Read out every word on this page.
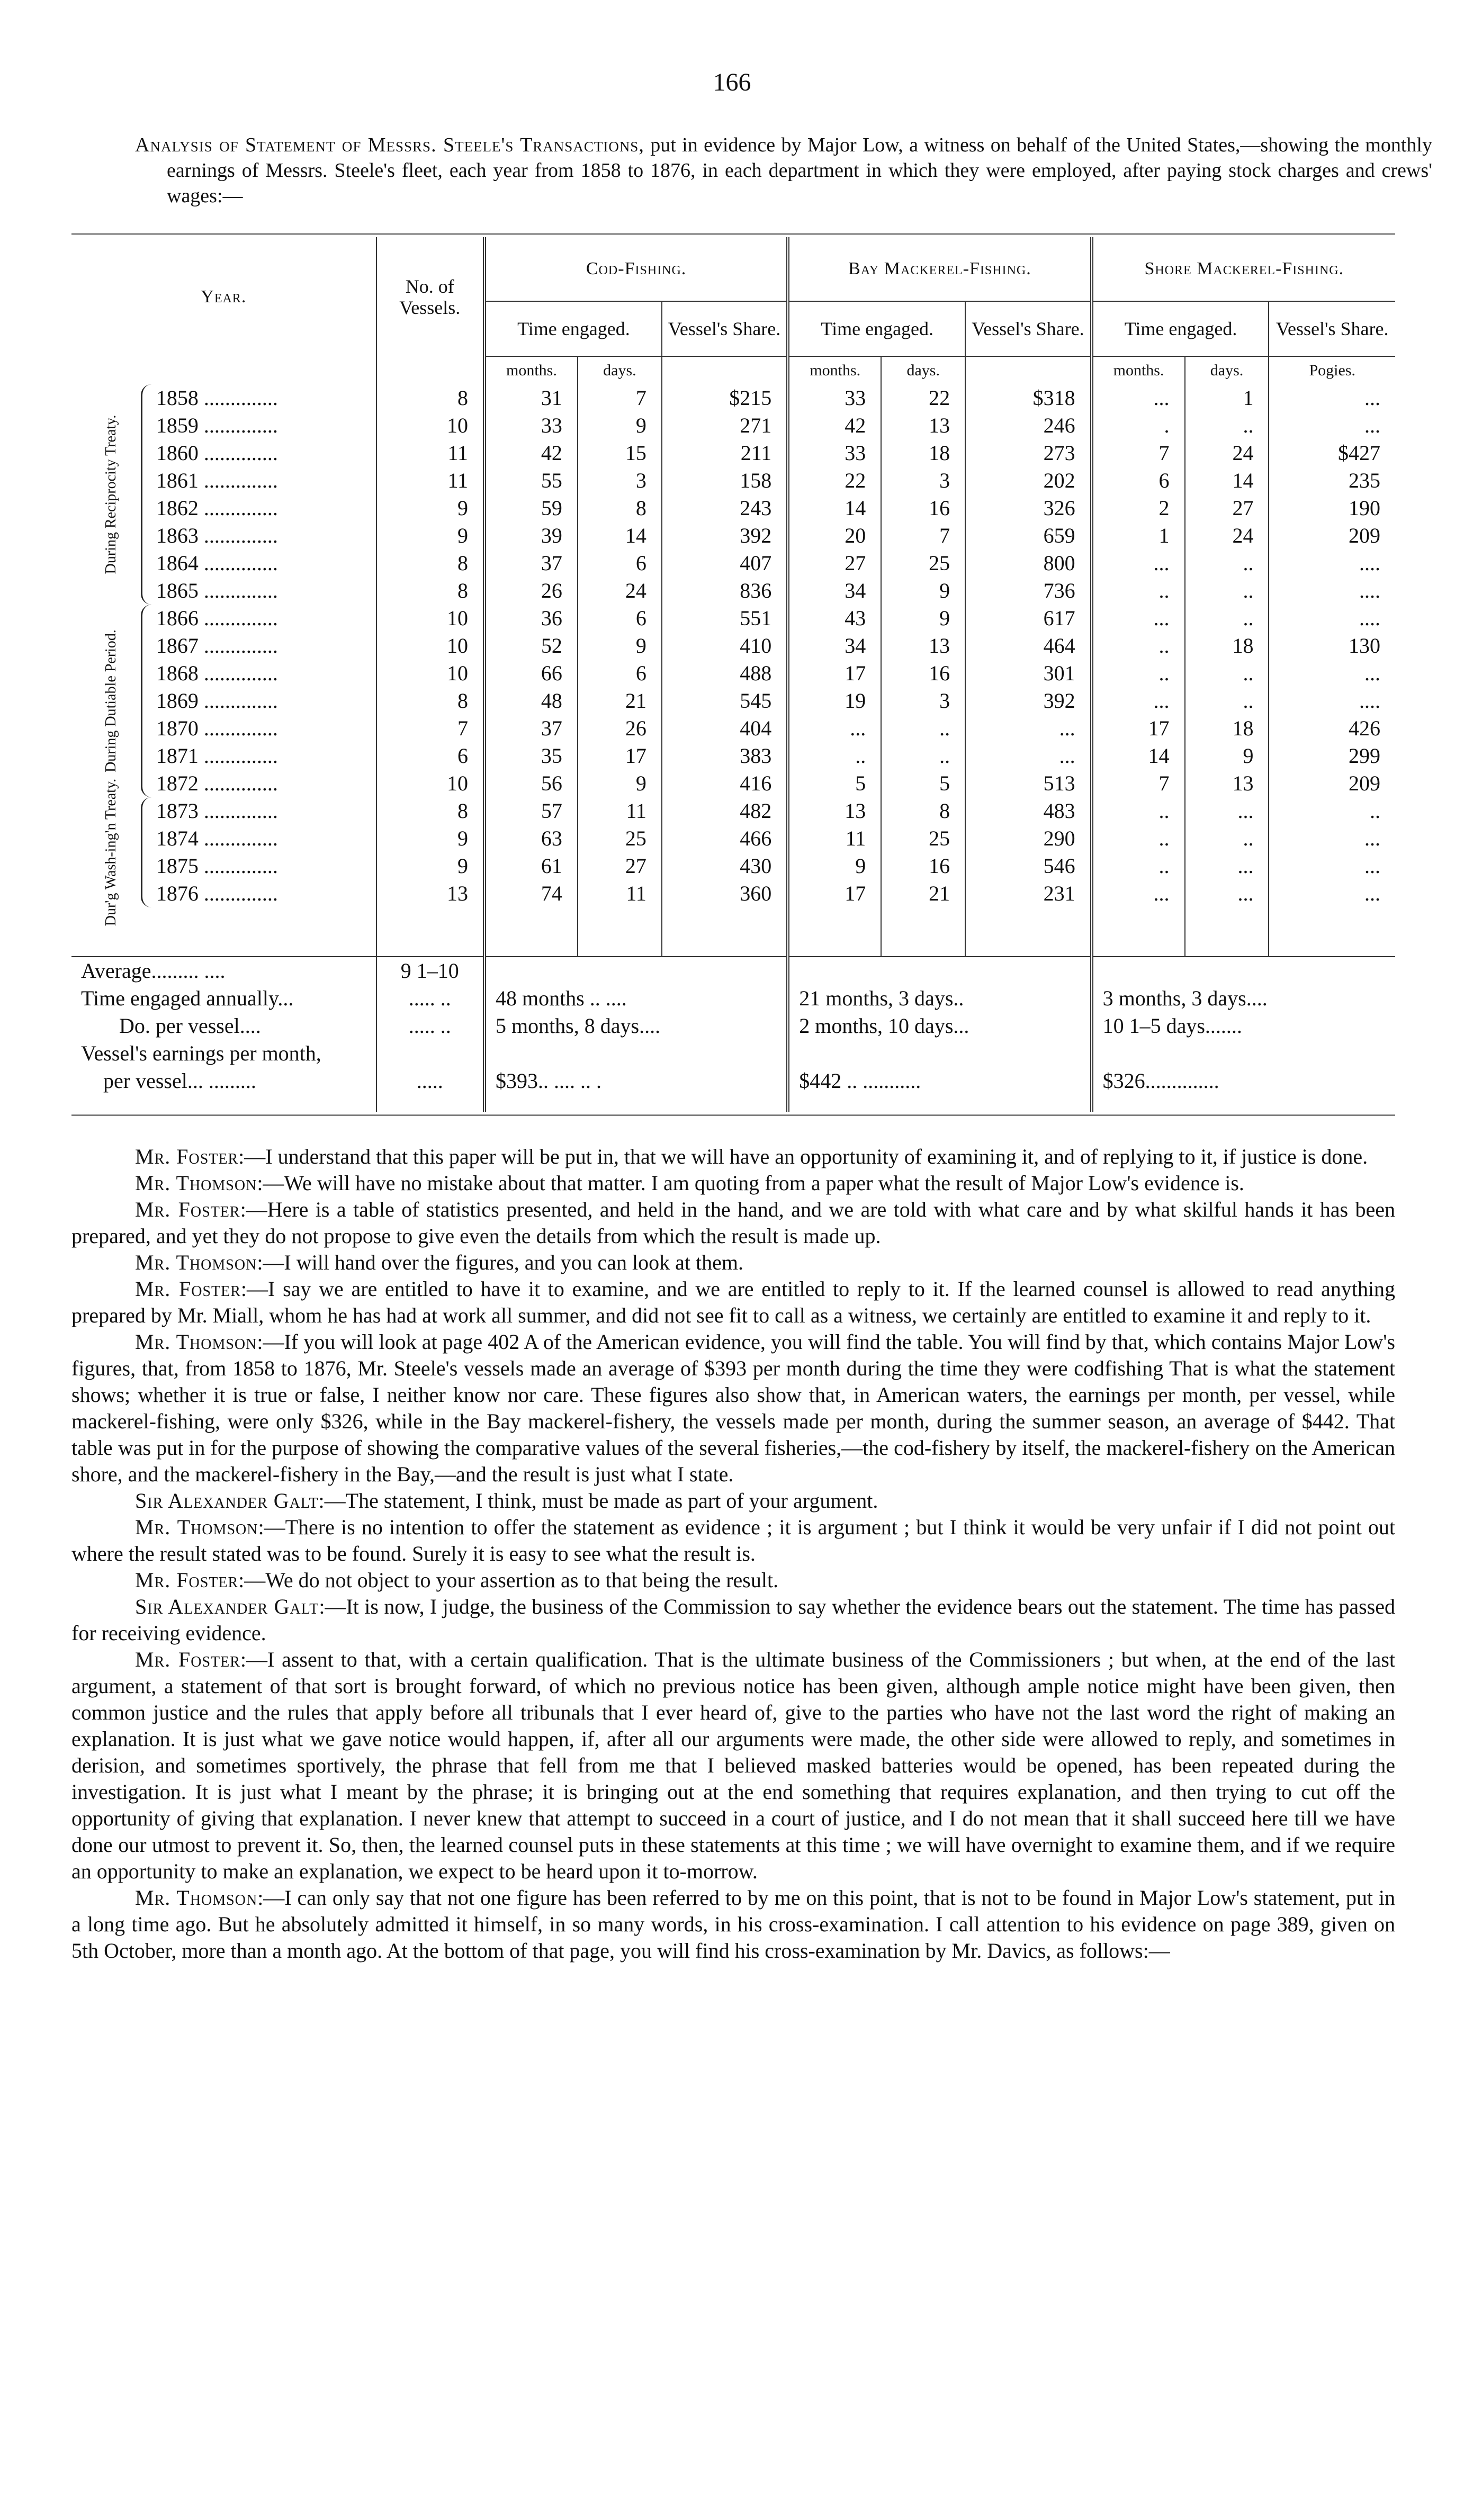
166
Analysis of Statement of Messrs. Steele's Transactions, put in evidence by Major Low, a witness on behalf of the United States,—showing the monthly earnings of Messrs. Steele's fleet, each year from 1858 to 1876, in each department in which they were employed, after paying stock charges and crews' wages:—
Year.		No. of Vessels.	Cod-Fishing.			Bay Mackerel-Fishing.			Shore Mackerel-Fishing.		
			Time engaged.		Vessel's Share.	Time engaged.		Vessel's Share.	Time engaged.		Vessel's Share.
			months.	days.		months.	days.		months.	days.	Pogies.

During Reciprocity Treaty.	1858 ..............	8	31	7	$215	33	22	$318	...	1	...
	1859 ..............	10	33	9	271	42	13	246	.	..	...
	1860 ..............	11	42	15	211	33	18	273	7	24	$427
	1861 ..............	11	55	3	158	22	3	202	6	14	235
	1862 ..............	9	59	8	243	14	16	326	2	27	190
	1863 ..............	9	39	14	392	20	7	659	1	24	209
	1864 ..............	8	37	6	407	27	25	800	...	..	....
	1865 ..............	8	26	24	836	34	9	736	..	..	....

During Dutiable Period.	1866 ..............	10	36	6	551	43	9	617	...	..	....
	1867 ..............	10	52	9	410	34	13	464	..	18	130
	1868 ..............	10	66	6	488	17	16	301	..	..	...
	1869 ..............	8	48	21	545	19	3	392	...	..	....
	1870 ..............	7	37	26	404	...	..	...	17	18	426
	1871 ..............	6	35	17	383	..	..	...	14	9	299
	1872 ..............	10	56	9	416	5	5	513	7	13	209

Dur'g Wash-ing'n Treaty.	1873 ..............	8	57	11	482	13	8	483	..	...	..
	1874 ..............	9	63	25	466	11	25	290	..	..	...
	1875 ..............	9	61	27	430	9	16	546	..	...	...
	1876 ..............	13	74	11	360	17	21	231	...	...	...

Average......... ....		9 1–10									
Time engaged annually...		..... ..	48 months .. ....			21 months, 3 days..			3 months, 3 days....		
Do. per vessel....		..... ..	5 months, 8 days....			2 months, 10 days...			10 1–5 days.......		
Vessel's earnings per month,											
per vessel... .........		.....	$393.. .... .. .			$442 .. ...........			$326..............		

Mr. Foster:—I understand that this paper will be put in, that we will have an opportunity of examining it, and of replying to it, if justice is done.

Mr. Thomson:—We will have no mistake about that matter. I am quoting from a paper what the result of Major Low's evidence is.

Mr. Foster:—Here is a table of statistics presented, and held in the hand, and we are told with what care and by what skilful hands it has been prepared, and yet they do not propose to give even the details from which the result is made up.

Mr. Thomson:—I will hand over the figures, and you can look at them.

Mr. Foster:—I say we are entitled to have it to examine, and we are entitled to reply to it. If the learned counsel is allowed to read anything prepared by Mr. Miall, whom he has had at work all summer, and did not see fit to call as a witness, we certainly are entitled to examine it and reply to it.

Mr. Thomson:—If you will look at page 402 A of the American evidence, you will find the table. You will find by that, which contains Major Low's figures, that, from 1858 to 1876, Mr. Steele's vessels made an average of $393 per month during the time they were codfishing That is what the statement shows; whether it is true or false, I neither know nor care. These figures also show that, in American waters, the earnings per month, per vessel, while mackerel-fishing, were only $326, while in the Bay mackerel-fishery, the vessels made per month, during the summer season, an average of $442. That table was put in for the purpose of showing the comparative values of the several fisheries,—the cod-fishery by itself, the mackerel-fishery on the American shore, and the mackerel-fishery in the Bay,—and the result is just what I state.

Sir Alexander Galt:—The statement, I think, must be made as part of your argument.

Mr. Thomson:—There is no intention to offer the statement as evidence ; it is argument ; but I think it would be very unfair if I did not point out where the result stated was to be found. Surely it is easy to see what the result is.

Mr. Foster:—We do not object to your assertion as to that being the result.

Sir Alexander Galt:—It is now, I judge, the business of the Commission to say whether the evidence bears out the statement. The time has passed for receiving evidence.

Mr. Foster:—I assent to that, with a certain qualification. That is the ultimate business of the Commissioners ; but when, at the end of the last argument, a statement of that sort is brought forward, of which no previous notice has been given, although ample notice might have been given, then common justice and the rules that apply before all tribunals that I ever heard of, give to the parties who have not the last word the right of making an explanation. It is just what we gave notice would happen, if, after all our arguments were made, the other side were allowed to reply, and sometimes in derision, and sometimes sportively, the phrase that fell from me that I believed masked batteries would be opened, has been repeated during the investigation. It is just what I meant by the phrase; it is bringing out at the end something that requires explanation, and then trying to cut off the opportunity of giving that explanation. I never knew that attempt to succeed in a court of justice, and I do not mean that it shall succeed here till we have done our utmost to prevent it. So, then, the learned counsel puts in these statements at this time ; we will have overnight to examine them, and if we require an opportunity to make an explanation, we expect to be heard upon it to-morrow.

Mr. Thomson:—I can only say that not one figure has been referred to by me on this point, that is not to be found in Major Low's statement, put in a long time ago. But he absolutely admitted it himself, in so many words, in his cross-examination. I call attention to his evidence on page 389, given on 5th October, more than a month ago. At the bottom of that page, you will find his cross-examination by Mr. Davics, as follows:—
